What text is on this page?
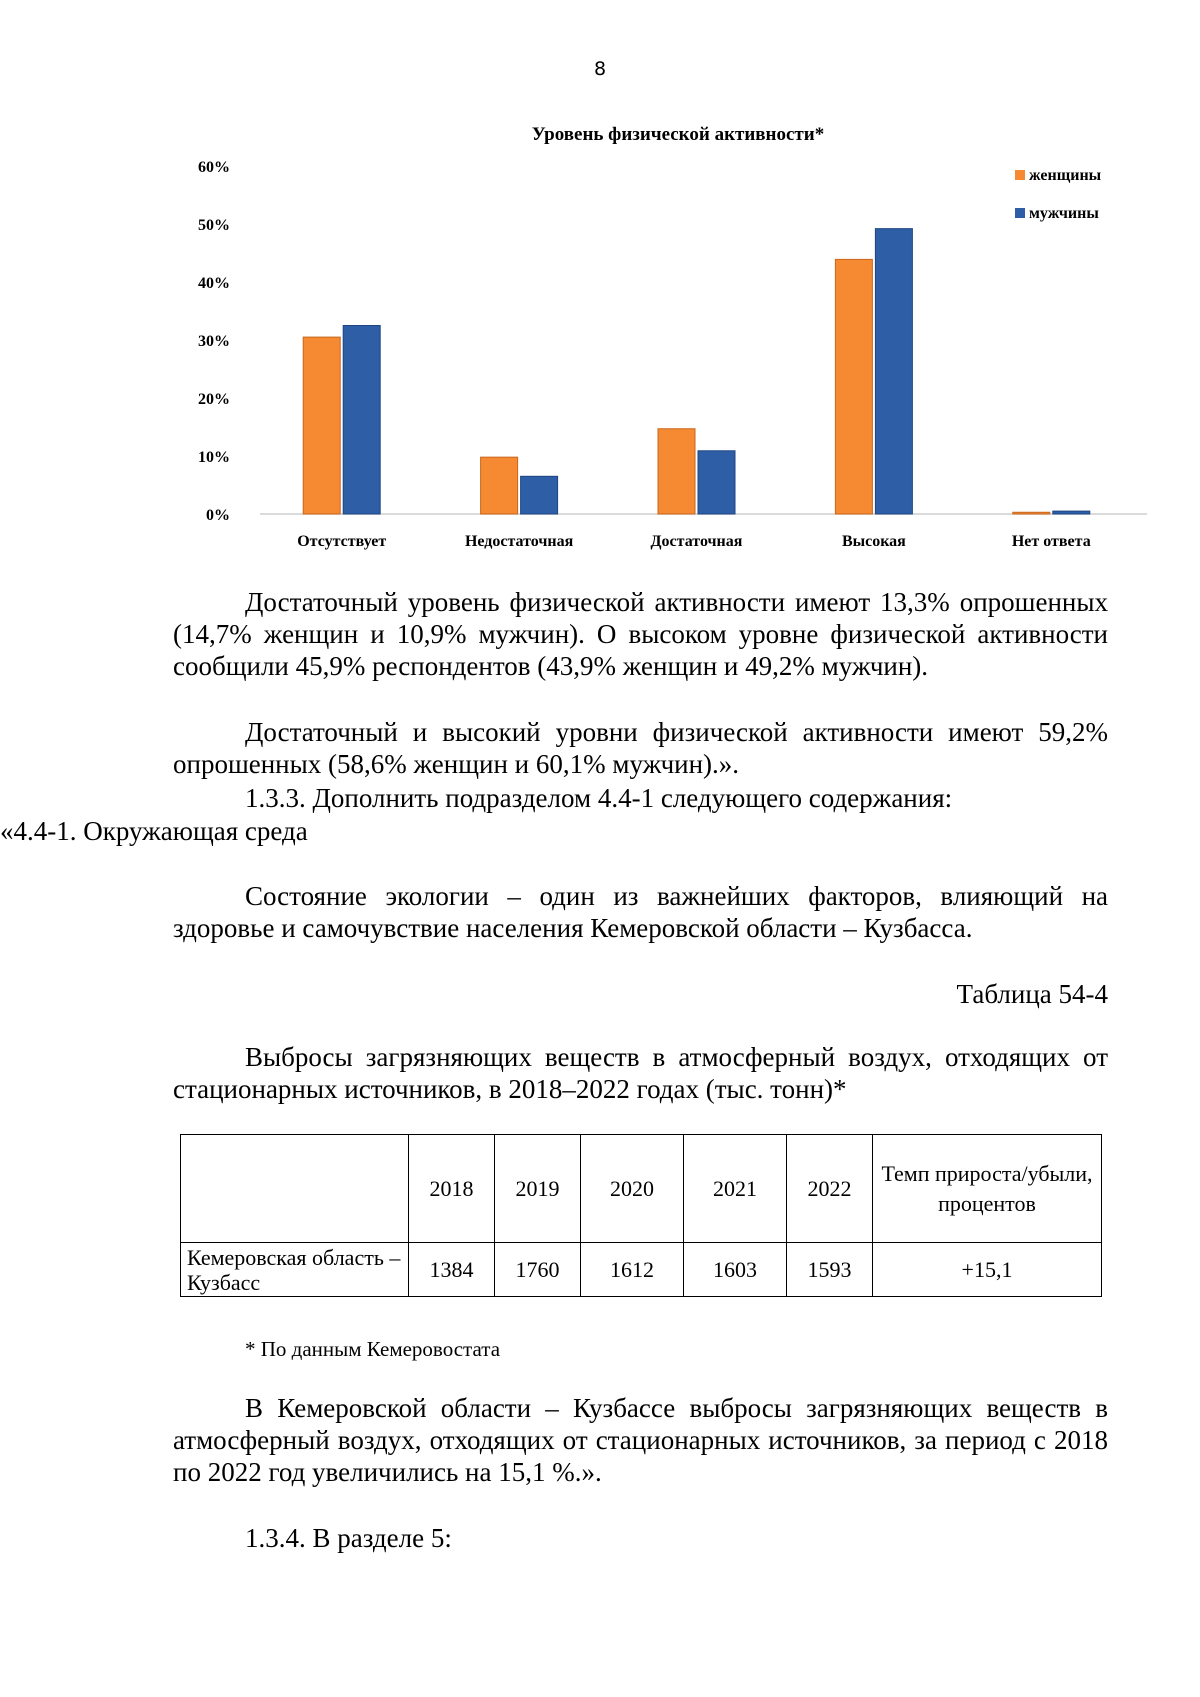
8
Уровень физической активности*
0%
10%
20%
30%
40%
50%
60%
Отсутствует	Недостаточная	Достаточная	Высокая	Нет ответа
женщины
мужчины
Достаточный уровень физической активности имеют 13,3% опрошенных (14,7% женщин и 10,9% мужчин). О высоком уровне физической активности сообщили 45,9% респондентов (43,9% женщин и 49,2% мужчин).
Достаточный и высокий уровни физической активности имеют 59,2% опрошенных (58,6% женщин и 60,1% мужчин).».
1.3.3. Дополнить подразделом 4.4-1 следующего содержания:
«4.4-1. Окружающая среда
Состояние экологии – один из важнейших факторов, влияющий на здоровье и самочувствие населения Кемеровской области – Кузбасса.
Таблица 54-4
Выбросы загрязняющих веществ в атмосферный воздух, отходящих от стационарных источников, в 2018–2022 годах (тыс. тонн)*
	2018	2019	2020	2021	2022	Темп прироста/убыли, процентов
Кемеровская область – Кузбасс	1384	1760	1612	1603	1593	+15,1
* По данным Кемеровостата
В Кемеровской области – Кузбассе выбросы загрязняющих веществ в атмосферный воздух, отходящих от стационарных источников, за период с 2018 по 2022 год увеличились на 15,1 %.».
1.3.4. В разделе 5:
